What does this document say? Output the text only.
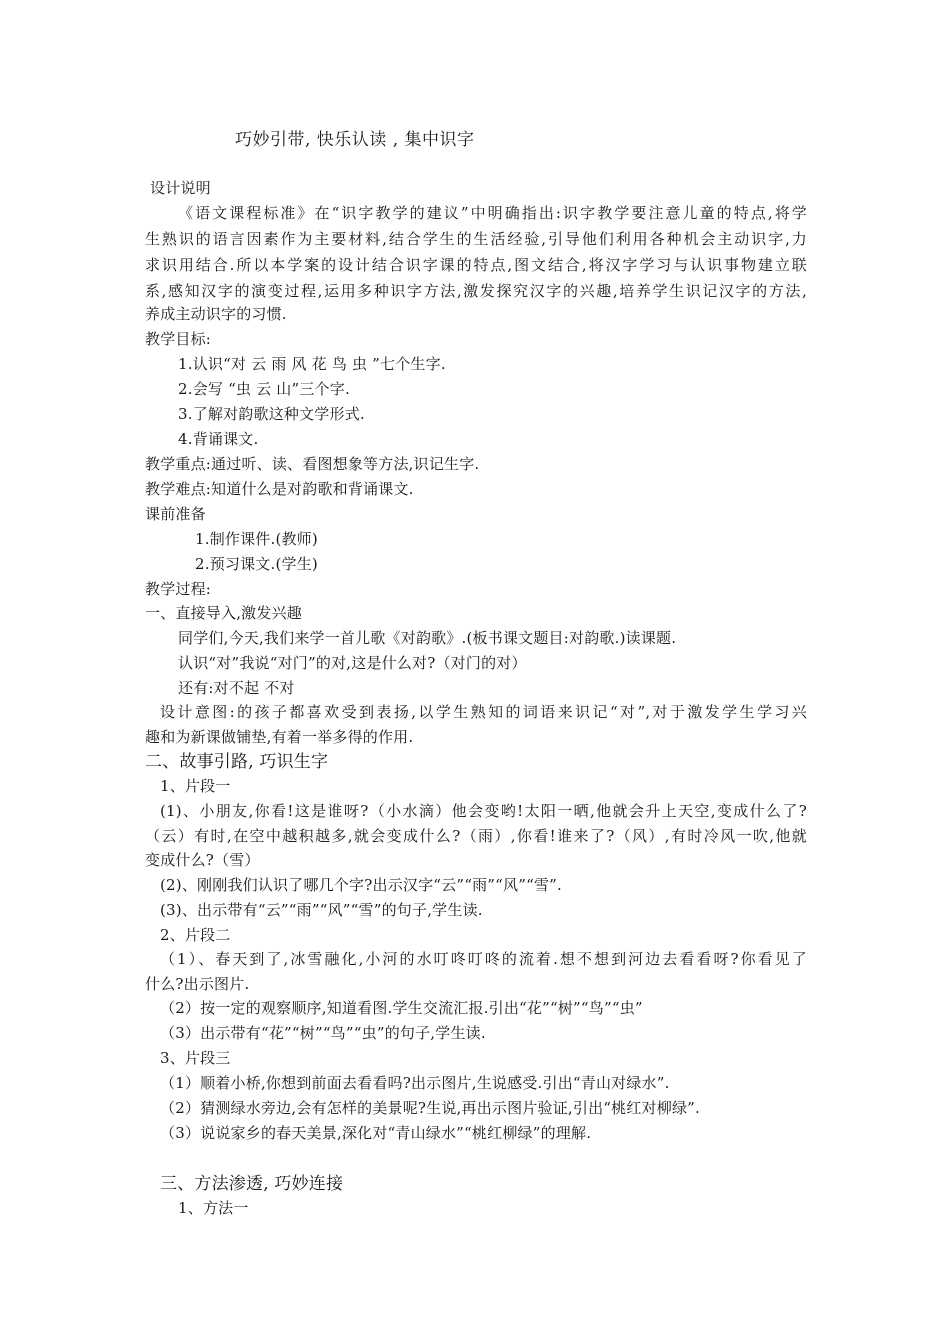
巧妙引带, 快乐认读 , 集中识字
设计说明
《语文课程标准》在“识字教学的建议”中明确指出:识字教学要注意儿童的特点,将学
生熟识的语言因素作为主要材料,结合学生的生活经验,引导他们利用各种机会主动识字,力
求识用结合.所以本学案的设计结合识字课的特点,图文结合,将汉字学习与认识事物建立联
系,感知汉字的演变过程,运用多种识字方法,激发探究汉字的兴趣,培养学生识记汉字的方法,
养成主动识字的习惯.
教学目标:
1.认识“对 云 雨 风 花 鸟 虫 ”七个生字.
2.会写 “虫 云 山”三个字.
3.了解对韵歌这种文学形式.
4.背诵课文.
教学重点:通过听、读、看图想象等方法,识记生字.
教学难点:知道什么是对韵歌和背诵课文.
课前准备
1.制作课件.(教师)
2.预习课文.(学生)
教学过程:
一、直接导入,激发兴趣
同学们,今天,我们来学一首儿歌《对韵歌》.(板书课文题目:对韵歌.)读课题.
认识“对”我说“对门”的对,这是什么对?（对门的对）
还有:对不起 不对
设计意图:的孩子都喜欢受到表扬,以学生熟知的词语来识记“对”,对于激发学生学习兴
趣和为新课做铺垫,有着一举多得的作用.
二、故事引路, 巧识生字
1、片段一
(1)、小朋友,你看!这是谁呀?（小水滴）他会变哟!太阳一晒,他就会升上天空,变成什么了?
（云）有时,在空中越积越多,就会变成什么?（雨）,你看!谁来了?（风）,有时冷风一吹,他就
变成什么?（雪）
(2)、刚刚我们认识了哪几个字?出示汉字“云”“雨”“风”“雪”.
(3)、出示带有“云”“雨”“风”“雪”的句子,学生读.
2、片段二
（1）、春天到了,冰雪融化,小河的水叮咚叮咚的流着.想不想到河边去看看呀?你看见了
什么?出示图片.
（2）按一定的观察顺序,知道看图.学生交流汇报.引出“花”“树”“鸟”“虫”
（3）出示带有“花”“树”“鸟”“虫”的句子,学生读.
3、片段三
（1）顺着小桥,你想到前面去看看吗?出示图片,生说感受.引出“青山对绿水”.
（2）猜测绿水旁边,会有怎样的美景呢?生说,再出示图片验证,引出“桃红对柳绿”.
（3）说说家乡的春天美景,深化对“青山绿水”“桃红柳绿”的理解.
三、方法渗透, 巧妙连接
1、方法一
